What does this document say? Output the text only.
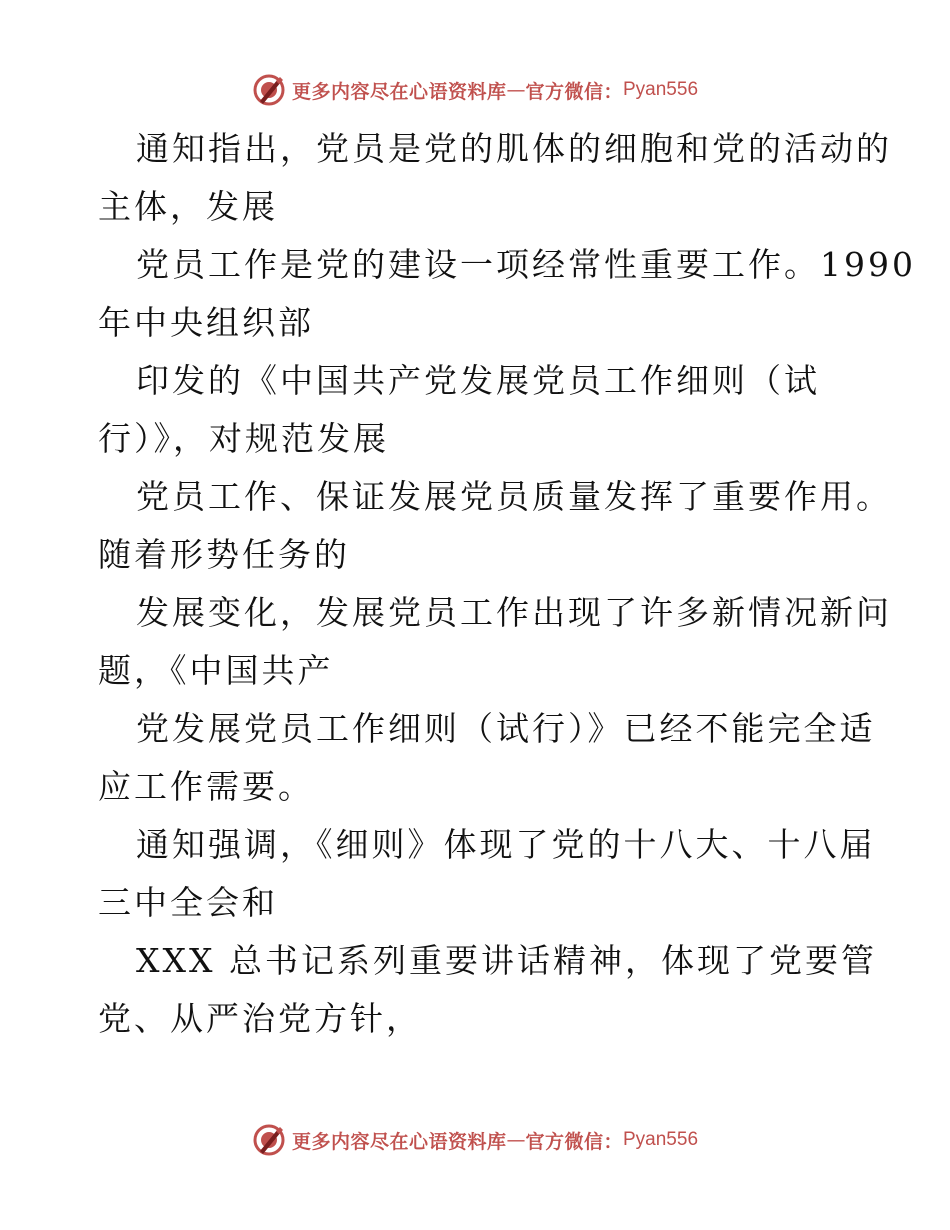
更多内容尽在心语资料库 — 官方微信： Pyan556
通知指出，党员是党的肌体的细胞和党的活动的
主体，发展
党员工作是党的建设一项经常性重要工作。1990
年中央组织部
印发的《中国共产党发展党员工作细则（试
行）》，对规范发展
党员工作、保证发展党员质量发挥了重要作用。
随着形势任务的
发展变化，发展党员工作出现了许多新情况新问
题，《中国共产
党发展党员工作细则（试行）》已经不能完全适
应工作需要。
通知强调，《细则》体现了党的十八大、十八届
三中全会和
XXX 总书记系列重要讲话精神，体现了党要管
党、从严治党方针，
更多内容尽在心语资料库 — 官方微信： Pyan556
